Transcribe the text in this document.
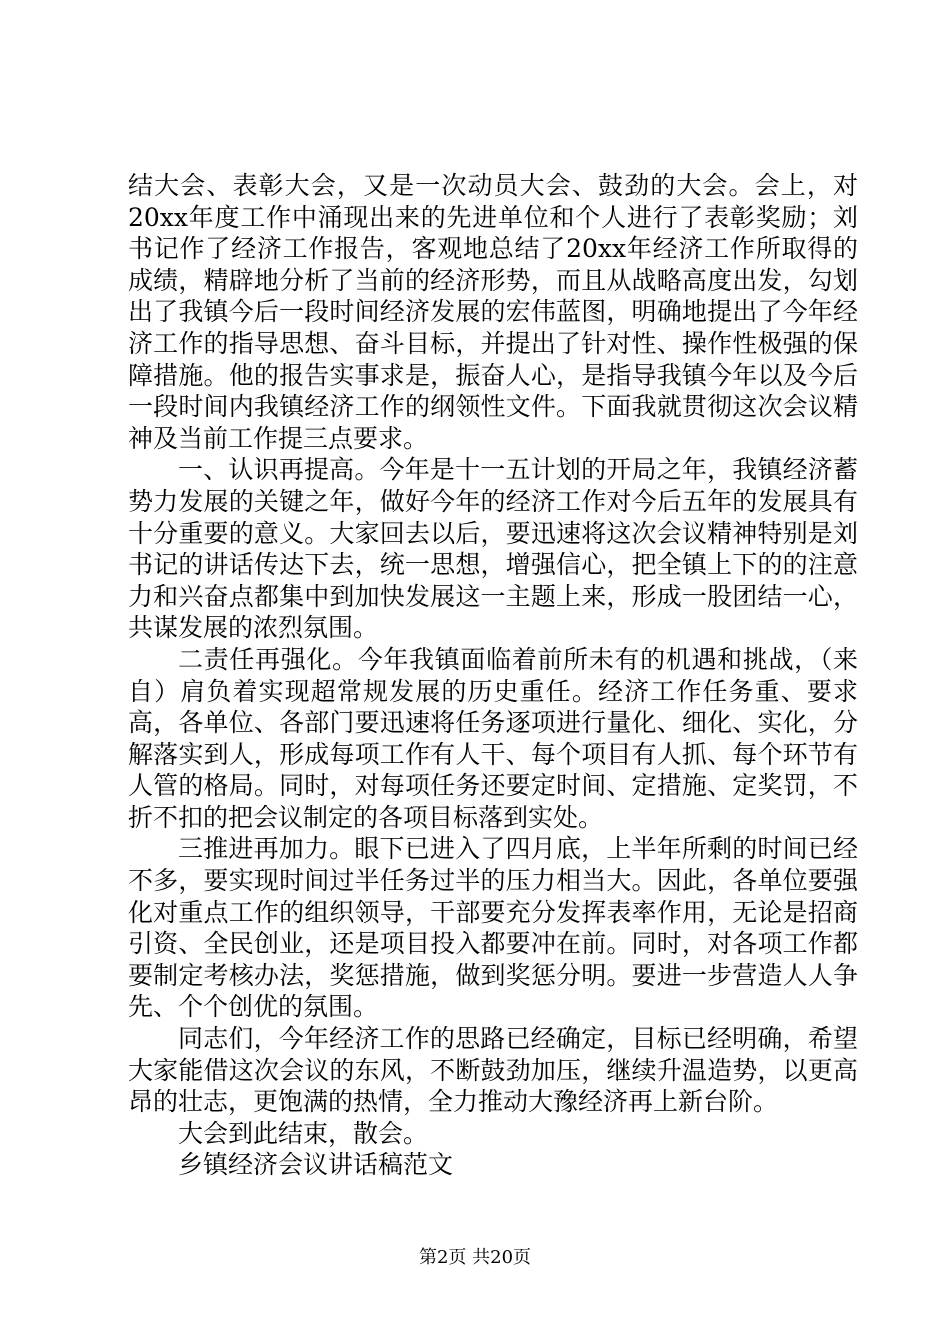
结大会、表彰大会，又是一次动员大会、鼓劲的大会。会上，对20xx年度工作中涌现出来的先进单位和个人进行了表彰奖励；刘书记作了经济工作报告，客观地总结了20xx年经济工作所取得的成绩，精辟地分析了当前的经济形势，而且从战略高度出发，勾划出了我镇今后一段时间经济发展的宏伟蓝图，明确地提出了今年经济工作的指导思想、奋斗目标，并提出了针对性、操作性极强的保障措施。他的报告实事求是，振奋人心，是指导我镇今年以及今后一段时间内我镇经济工作的纲领性文件。下面我就贯彻这次会议精神及当前工作提三点要求。

一、认识再提高。今年是十一五计划的开局之年，我镇经济蓄势力发展的关键之年，做好今年的经济工作对今后五年的发展具有十分重要的意义。大家回去以后，要迅速将这次会议精神特别是刘书记的讲话传达下去，统一思想，增强信心，把全镇上下的的注意力和兴奋点都集中到加快发展这一主题上来，形成一股团结一心，共谋发展的浓烈氛围。

二责任再强化。今年我镇面临着前所未有的机遇和挑战，（来自）肩负着实现超常规发展的历史重任。经济工作任务重、要求高，各单位、各部门要迅速将任务逐项进行量化、细化、实化，分解落实到人，形成每项工作有人干、每个项目有人抓、每个环节有人管的格局。同时，对每项任务还要定时间、定措施、定奖罚，不折不扣的把会议制定的各项目标落到实处。

三推进再加力。眼下已进入了四月底，上半年所剩的时间已经不多，要实现时间过半任务过半的压力相当大。因此，各单位要强化对重点工作的组织领导，干部要充分发挥表率作用，无论是招商引资、全民创业，还是项目投入都要冲在前。同时，对各项工作都要制定考核办法，奖惩措施，做到奖惩分明。要进一步营造人人争先、个个创优的氛围。

同志们，今年经济工作的思路已经确定，目标已经明确，希望大家能借这次会议的东风，不断鼓劲加压，继续升温造势，以更高昂的壮志，更饱满的热情，全力推动大豫经济再上新台阶。

大会到此结束，散会。

乡镇经济会议讲话稿范文

第2页 共20页
